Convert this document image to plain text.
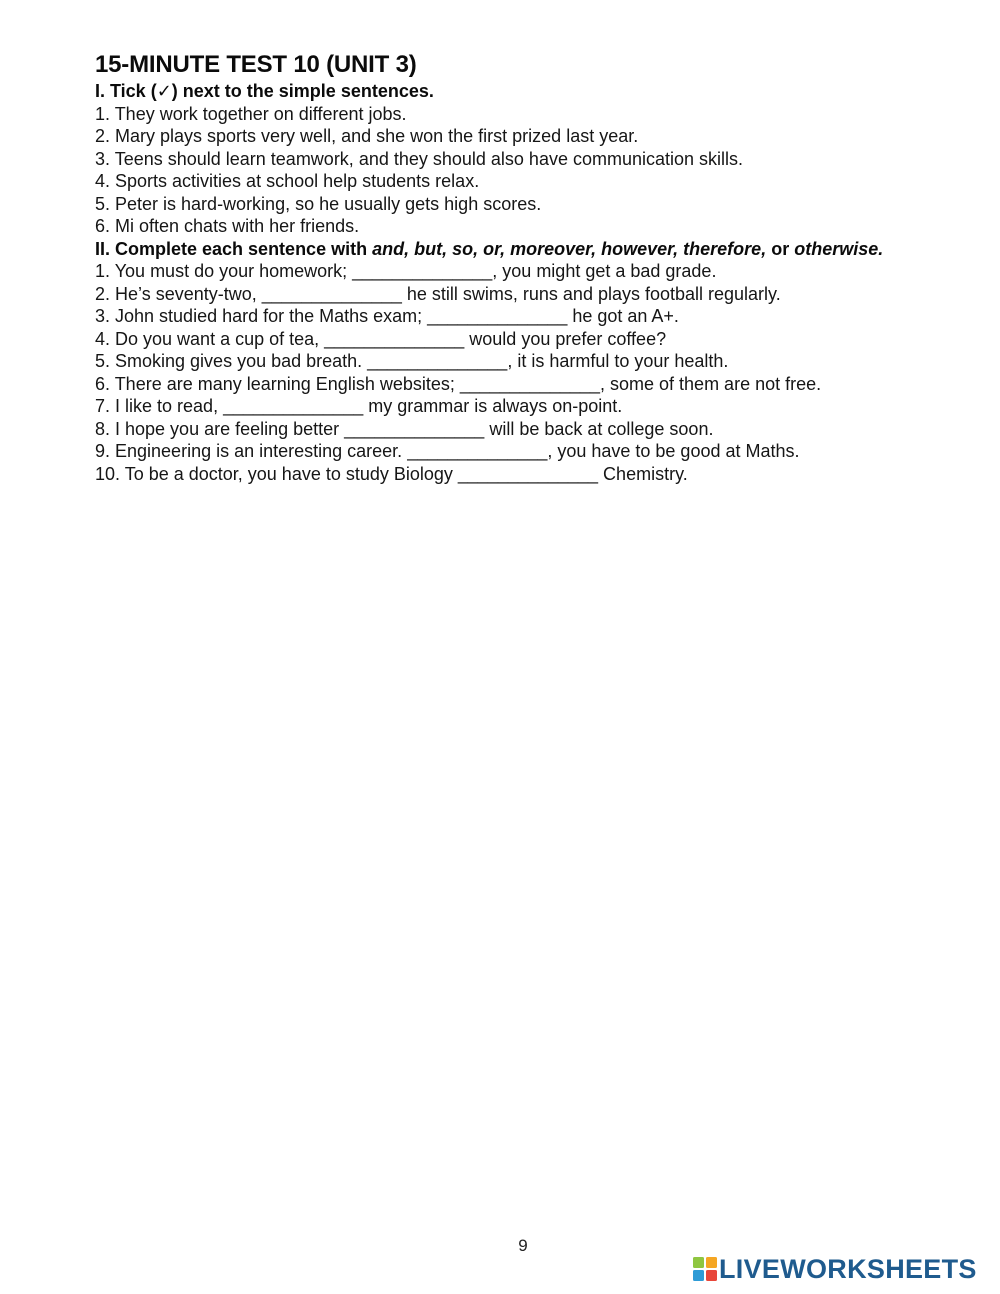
15-MINUTE TEST 10 (UNIT 3)

I. Tick (✓) next to the simple sentences.

1. They work together on different jobs.

2. Mary plays sports very well, and she won the first prized last year.

3. Teens should learn teamwork, and they should also have communication skills.

4. Sports activities at school help students relax.

5. Peter is hard-working, so he usually gets high scores.

6. Mi often chats with her friends.

II. Complete each sentence with and, but, so, or, moreover, however, therefore, or otherwise.

1. You must do your homework; ______________, you might get a bad grade.

2. He’s seventy-two, ______________ he still swims, runs and plays football regularly.

3. John studied hard for the Maths exam; ______________ he got an A+.

4. Do you want a cup of tea, ______________ would you prefer coffee?

5. Smoking gives you bad breath. ______________, it is harmful to your health.

6. There are many learning English websites; ______________, some of them are not free.

7. I like to read, ______________ my grammar is always on-point.

8. I hope you are feeling better ______________ will be back at college soon.

9. Engineering is an interesting career. ______________, you have to be good at Maths.

10. To be a doctor, you have to study Biology ______________ Chemistry.

9
LIVEWORKSHEETS
